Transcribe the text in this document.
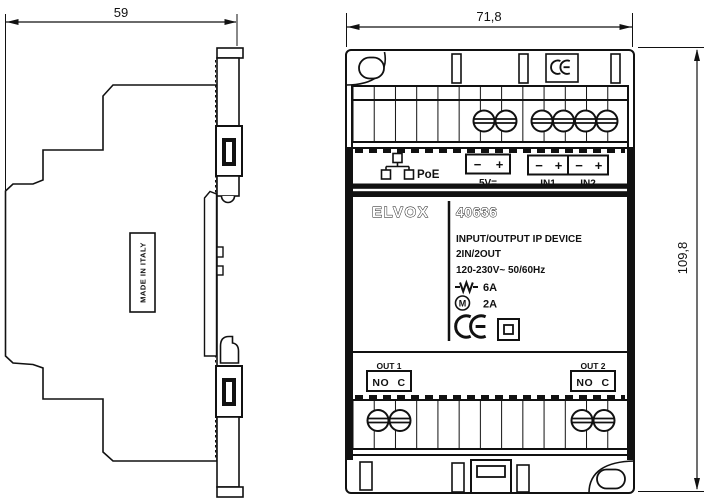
MADE IN ITALY
59
PoE
− + − + − +
ELVOX 40636
INPUT/OUTPUT IP DEVICE
2IN/2OUT
120-230V~ 50/60Hz
6A
M 2A
OUT 1
NO C
OUT 2
NO C
71,8
109,8
